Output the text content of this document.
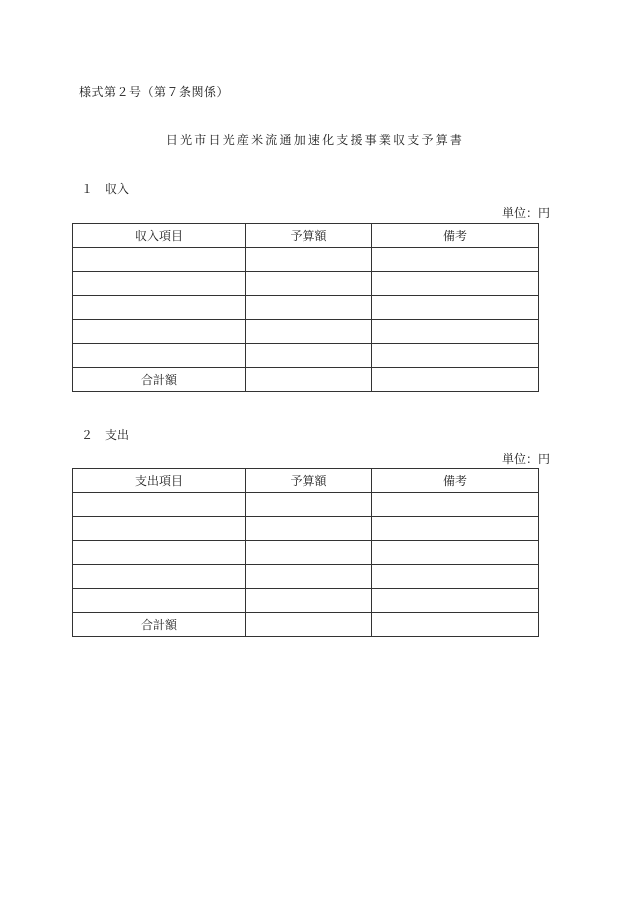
様式第２号（第７条関係）
日光市日光産米流通加速化支援事業収支予算書
１ 収入
単位：円
収入項目	予算額	備考

合計額		
２ 支出
単位：円
支出項目	予算額	備考

合計額		
